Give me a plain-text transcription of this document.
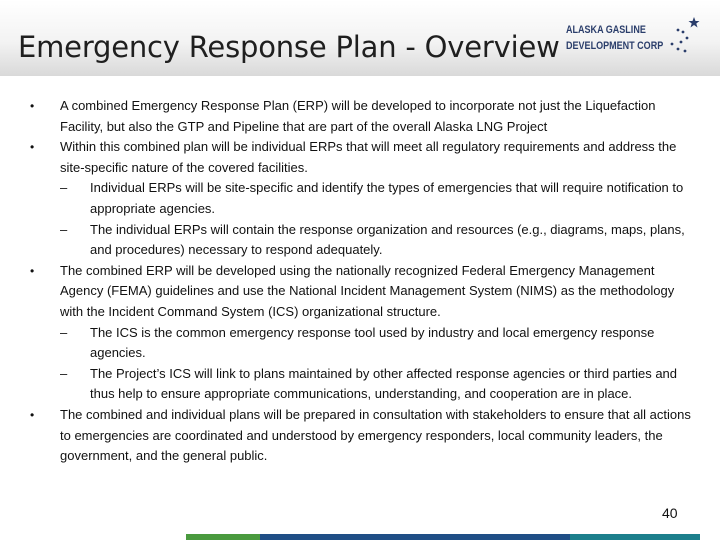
Emergency Response Plan - Overview ALASKA GASLINE
DEVELOPMENT CORP
•	A combined Emergency Response Plan (ERP) will be developed to incorporate not just the Liquefaction Facility, but also the GTP and Pipeline that are part of the overall Alaska LNG Project
•	Within this combined plan will be individual ERPs that will meet all regulatory requirements and address the site-specific nature of the covered facilities.
– Individual ERPs will be site-specific and identify the types of emergencies that will require notification to appropriate agencies.
– The individual ERPs will contain the response organization and resources (e.g., diagrams, maps, plans, and procedures) necessary to respond adequately.
•	The combined ERP will be developed using the nationally recognized Federal Emergency Management Agency (FEMA) guidelines and use the National Incident Management System (NIMS) as the methodology with the Incident Command System (ICS) organizational structure.
– The ICS is the common emergency response tool used by industry and local emergency response agencies.
– The Project’s ICS will link to plans maintained by other affected response agencies or third parties and thus help to ensure appropriate communications, understanding, and cooperation are in place.
•	The combined and individual plans will be prepared in consultation with stakeholders to ensure that all actions to emergencies are coordinated and understood by emergency responders, local community leaders, the government, and the general public.
40
